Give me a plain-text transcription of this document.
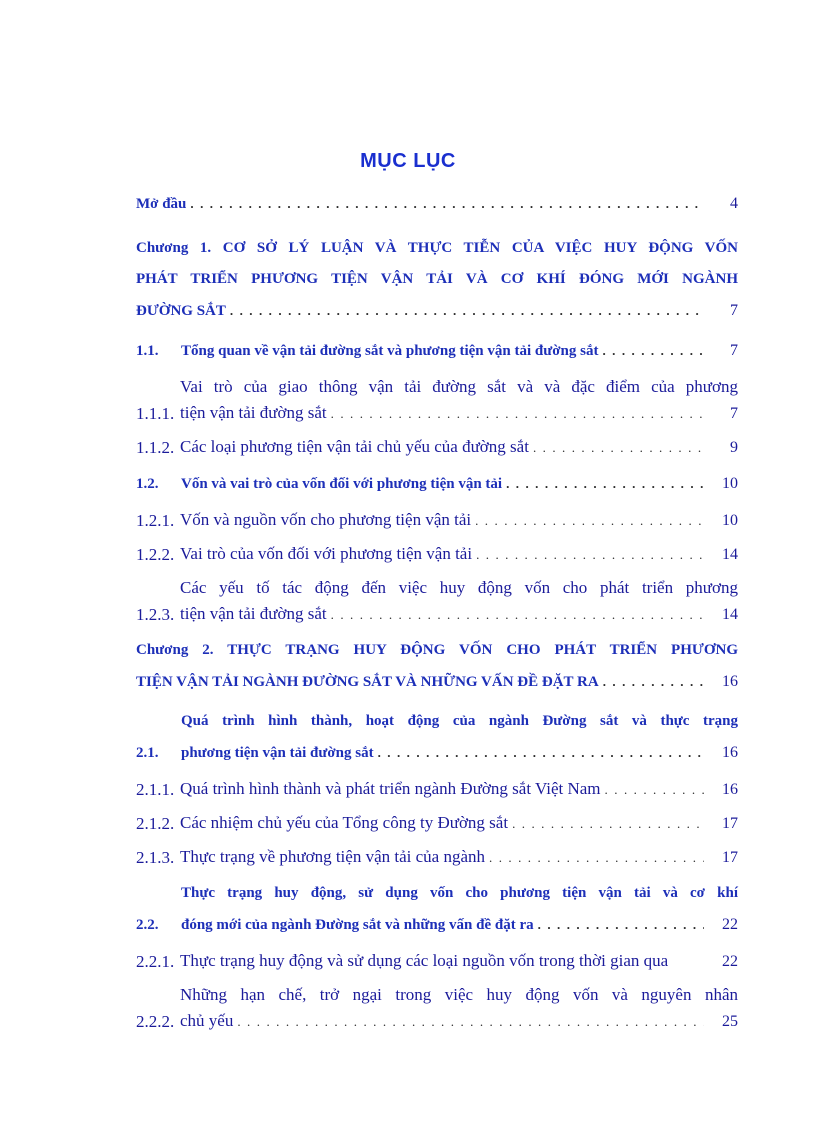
MỤC LỤC
Mở đầu . . .	4
Chương 1. CƠ SỞ LÝ LUẬN VÀ THỰC TIỄN CỦA VIỆC HUY ĐỘNG VỐN
PHÁT TRIỂN PHƯƠNG TIỆN VẬN TẢI VÀ CƠ KHÍ ĐÓNG MỚI NGÀNH
ĐƯỜNG SẮT . . .	7
1.1.	Tổng quan về vận tải đường sắt và phương tiện vận tải đường sắt . . .	7
1.1.1.
Vai trò của giao thông vận tải đường sắt và và đặc điểm của phương
tiện vận tải đường sắt . . .	7
1.1.2. Các loại phương tiện vận tải chủ yếu của đường sắt . . .	9
1.2.	Vốn và vai trò của vốn đối với phương tiện vận tải . . .	10
1.2.1. Vốn và nguồn vốn cho phương tiện vận tải . . .	10
1.2.2. Vai trò của vốn đối với phương tiện vận tải . . .	14
1.2.3.
Các yếu tố tác động đến việc huy động vốn cho phát triển phương
tiện vận tải đường sắt . . .	14
Chương 2. THỰC TRẠNG HUY ĐỘNG VỐN CHO PHÁT TRIỂN PHƯƠNG
TIỆN VẬN TẢI NGÀNH ĐƯỜNG SẮT VÀ NHỮNG VẤN ĐỀ ĐẶT RA . . .	16
2.1.
Quá trình hình thành, hoạt động của ngành Đường sắt và thực trạng
phương tiện vận tải đường sắt . . .	16
2.1.1. Quá trình hình thành và phát triển ngành Đường sắt Việt Nam . . .	16
2.1.2. Các nhiệm chủ yếu của Tổng công ty Đường sắt . . .	17
2.1.3. Thực trạng về phương tiện vận tải của ngành . . .	17
2.2.
Thực trạng huy động, sử dụng vốn cho phương tiện vận tải và cơ khí
đóng mới của ngành Đường sắt và những vấn đề đặt ra . . .	22
2.2.1. Thực trạng huy động và sử dụng các loại nguồn vốn trong thời gian qua	22
2.2.2.
Những hạn chế, trở ngại trong việc huy động vốn và nguyên nhân
chủ yếu . . .	25
